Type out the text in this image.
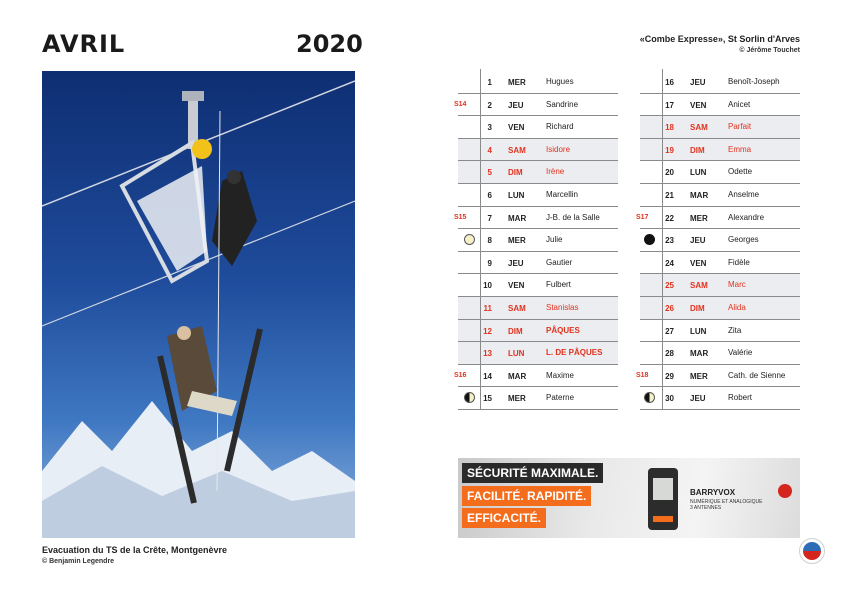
AVRIL	2020
Evacuation du TS de la Crête, Montgenèvre
© Benjamin Legendre
«Combe Expresse», St Sorlin d'Arves
© Jérôme Touchet
1 MER	Hugues
S14	2 JEU	Sandrine
3 VEN	Richard
4 SAM	Isidore
5 DIM	Irène
6 LUN	Marcellin
S15	7 MAR J-B. de la Salle
8 MER	Julie
9 JEU	Gautier
10 VEN	Fulbert
11 SAM	Stanislas
12 DIM	PÂQUES
13 LUN	L. DE PÂQUES
S16	14 MAR Maxime
15 MER	Paterne
16 JEU	Benoît-Joseph
17 VEN	Anicet
18 SAM	Parfait
19 DIM	Emma
20 LUN	Odette
21 MAR Anselme
S17	22 MER	Alexandre
23 JEU	Georges
24 VEN	Fidèle
25 SAM	Marc
26 DIM	Alida
27 LUN	Zita
28 MAR Valérie
S18	29 MER	Cath. de Sienne
30 JEU	Robert
SÉCURITÉ MAXIMALE.
FACILITÉ. RAPIDITÉ.
EFFICACITÉ.
BARRYVOX
NUMÉRIQUE ET ANALOGIQUE
3 ANTENNES
